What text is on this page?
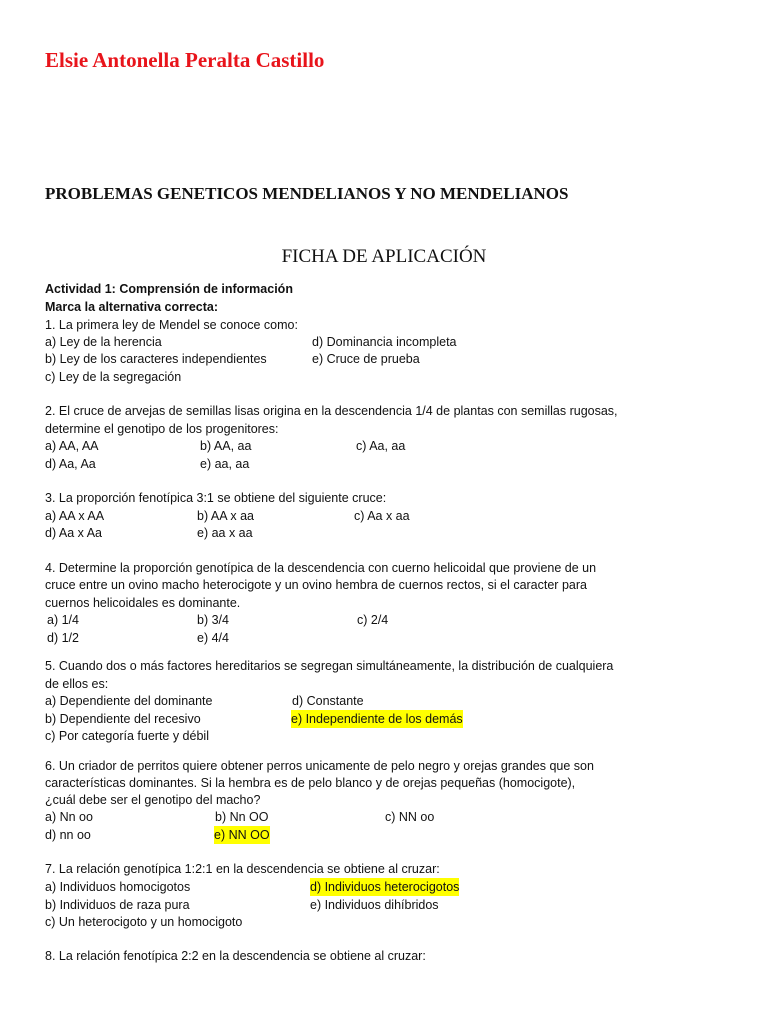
Elsie Antonella Peralta Castillo
PROBLEMAS GENETICOS MENDELIANOS Y NO MENDELIANOS
FICHA DE APLICACIÓN
Actividad 1: Comprensión de información
Marca la alternativa correcta:
1. La primera ley de Mendel se conoce como:
a) Ley de la herencia	d) Dominancia incompleta
b) Ley de los caracteres independientes	e) Cruce de prueba
c) Ley de la segregación
2. El cruce de arvejas de semillas lisas origina en la descendencia 1/4 de plantas con semillas rugosas,
determine el genotipo de los progenitores:
a) AA, AA	b) AA, aa	c) Aa, aa
d) Aa, Aa	e) aa, aa
3. La proporción fenotípica 3:1 se obtiene del siguiente cruce:
a) AA x AA	b) AA x aa	c) Aa x aa
d) Aa x Aa	e) aa x aa
4. Determine la proporción genotípica de la descendencia con cuerno helicoidal que proviene de un
cruce entre un ovino macho heterocigote y un ovino hembra de cuernos rectos, si el caracter para
cuernos helicoidales es dominante.
a) 1/4	b) 3/4	c) 2/4
d) 1/2	e) 4/4
5. Cuando dos o más factores hereditarios se segregan simultáneamente, la distribución de cualquiera
de ellos es:
a) Dependiente del dominante	d) Constante
b) Dependiente del recesivo	e) Independiente de los demás
c) Por categoría fuerte y débil
6. Un criador de perritos quiere obtener perros unicamente de pelo negro y orejas grandes que son
características dominantes. Si la hembra es de pelo blanco y de orejas pequeñas (homocigote),
¿cuál debe ser el genotipo del macho?
a) Nn oo	b) Nn OO	c) NN oo
d) nn oo	e) NN OO
7. La relación genotípica 1:2:1 en la descendencia se obtiene al cruzar:
a) Individuos homocigotos	d) Individuos heterocigotos
b) Individuos de raza pura	e) Individuos dihíbridos
c) Un heterocigoto y un homocigoto
8. La relación fenotípica 2:2 en la descendencia se obtiene al cruzar:
